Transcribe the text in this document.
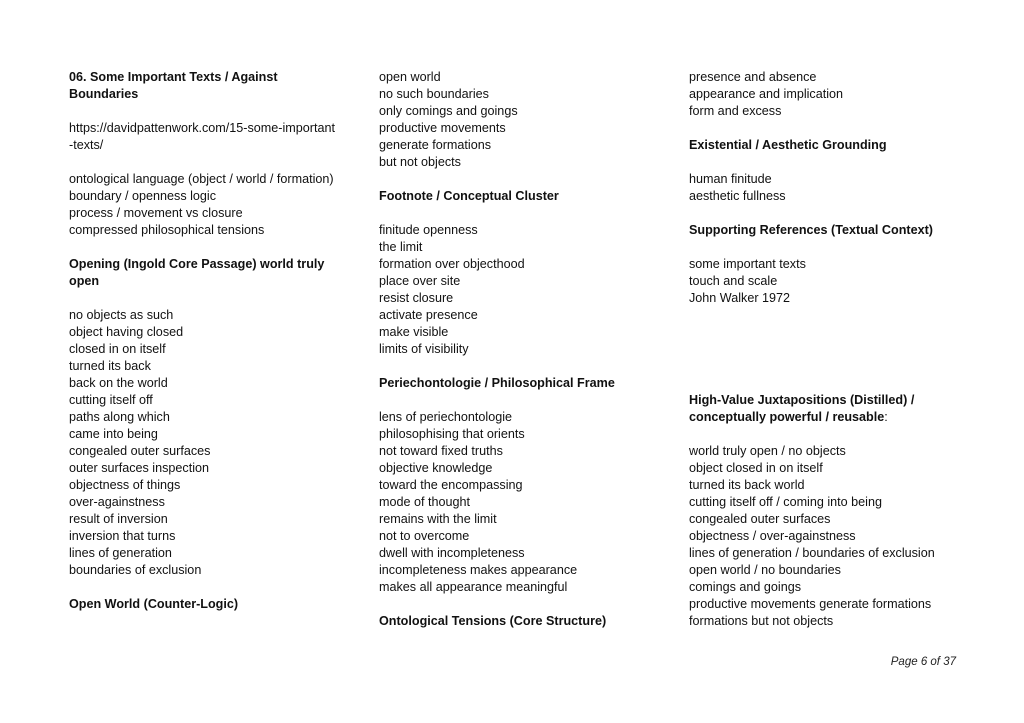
06. Some Important Texts / Against Boundaries
https://davidpattenwork.com/15-some-important-texts/
ontological language (object / world / formation)
boundary / openness logic
process / movement vs closure
compressed philosophical tensions
Opening (Ingold Core Passage) world truly open
no objects as such
object having closed
closed in on itself
turned its back
back on the world
cutting itself off
paths along which
came into being
congealed outer surfaces
outer surfaces inspection
objectness of things
over-againstness
result of inversion
inversion that turns
lines of generation
boundaries of exclusion
Open World (Counter-Logic)
open world
no such boundaries
only comings and goings
productive movements
generate formations
but not objects
Footnote / Conceptual Cluster
finitude openness
the limit
formation over objecthood
place over site
resist closure
activate presence
make visible
limits of visibility
Periechontologie / Philosophical Frame
lens of periechontologie
philosophising that orients
not toward fixed truths
objective knowledge
toward the encompassing
mode of thought
remains with the limit
not to overcome
dwell with incompleteness
incompleteness makes appearance
makes all appearance meaningful
Ontological Tensions (Core Structure)
presence and absence
appearance and implication
form and excess
Existential / Aesthetic Grounding
human finitude
aesthetic fullness
Supporting References (Textual Context)
some important texts
touch and scale
John Walker 1972
High-Value Juxtapositions (Distilled) / conceptually powerful / reusable:
world truly open / no objects
object closed in on itself
turned its back world
cutting itself off / coming into being
congealed outer surfaces
objectness / over-againstness
lines of generation / boundaries of exclusion
open world / no boundaries
comings and goings
productive movements generate formations
formations but not objects
Page 6 of 37
